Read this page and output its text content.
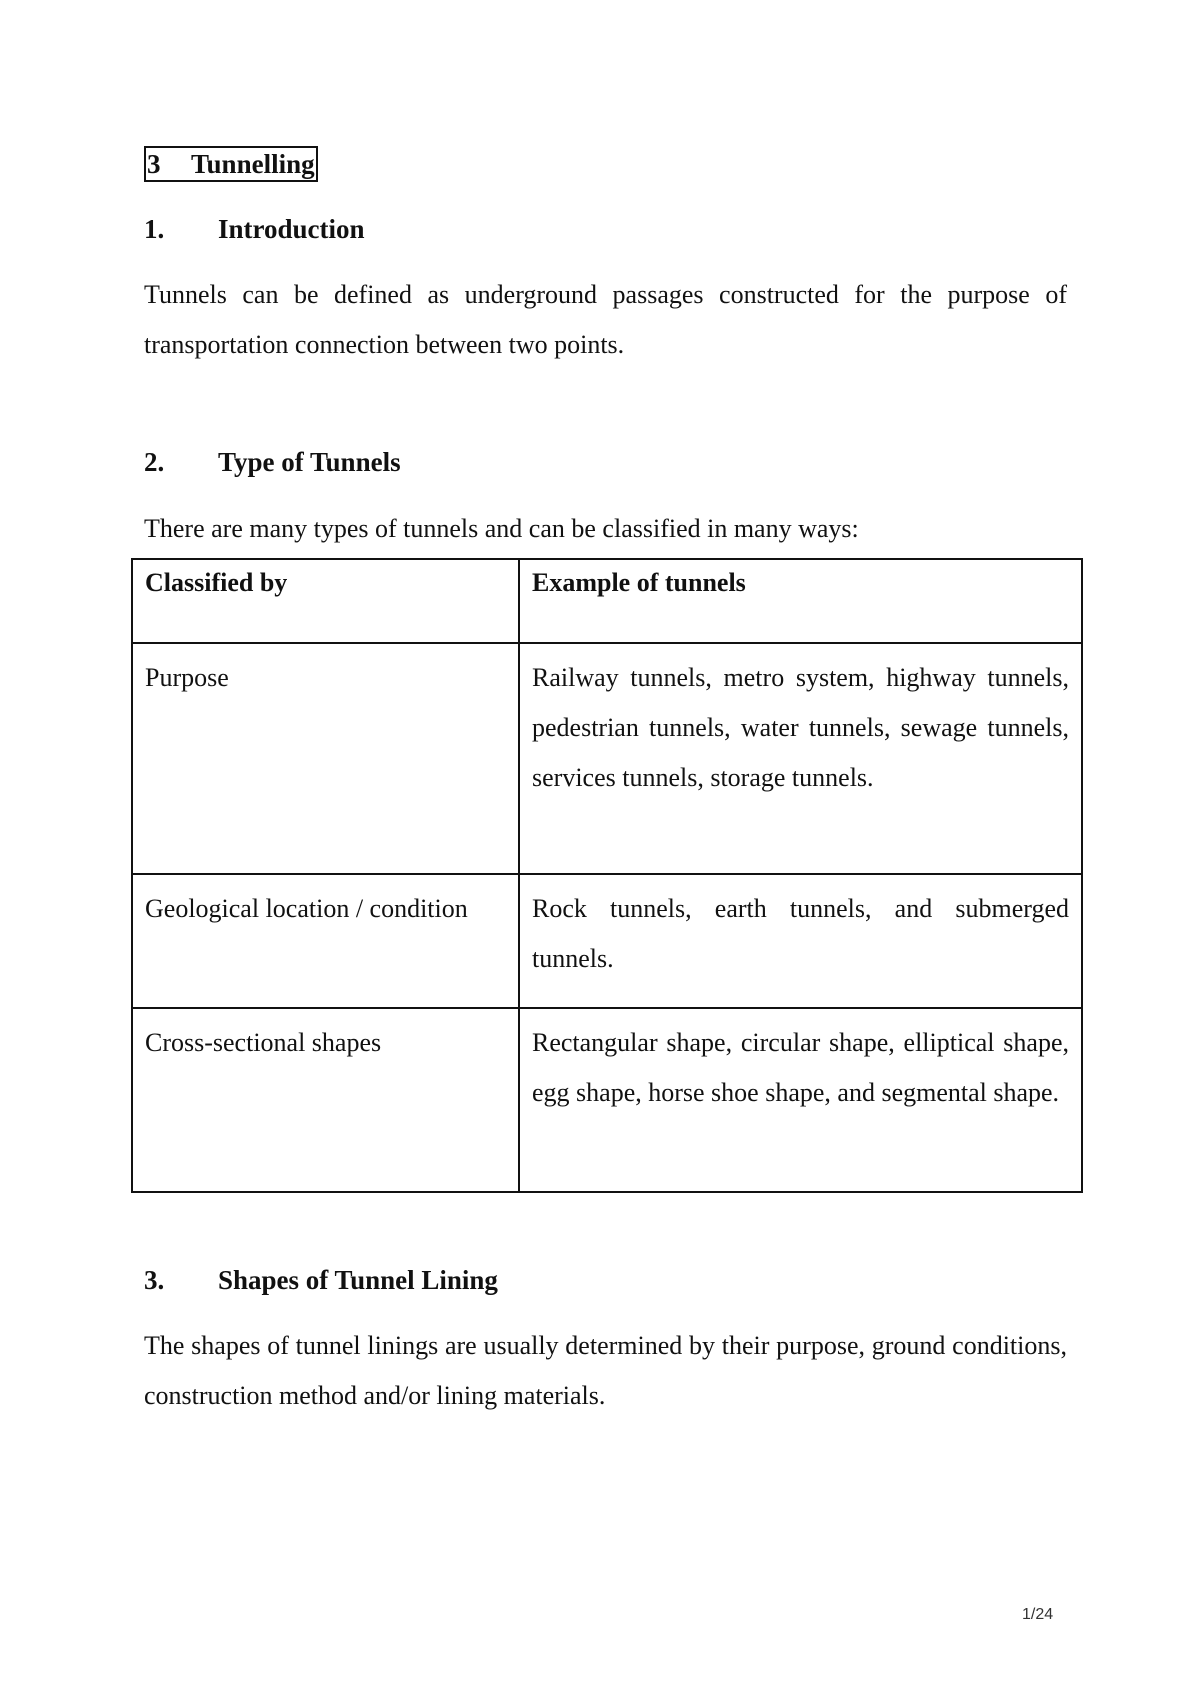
3 Tunnelling
1. Introduction

Tunnels can be defined as underground passages constructed for the purpose of transportation connection between two points.

2. Type of Tunnels
There are many types of tunnels and can be classified in many ways:
Classified by	Example of tunnels
Purpose	Railway tunnels, metro system, highway tunnels, pedestrian tunnels, water tunnels, sewage tunnels, services tunnels, storage tunnels.
Geological location / condition	Rock tunnels, earth tunnels, and submerged tunnels.
Cross-sectional shapes	Rectangular shape, circular shape, elliptical shape, egg shape, horse shoe shape, and segmental shape.
3. Shapes of Tunnel Lining

The shapes of tunnel linings are usually determined by their purpose, ground conditions, construction method and/or lining materials.

1/24
